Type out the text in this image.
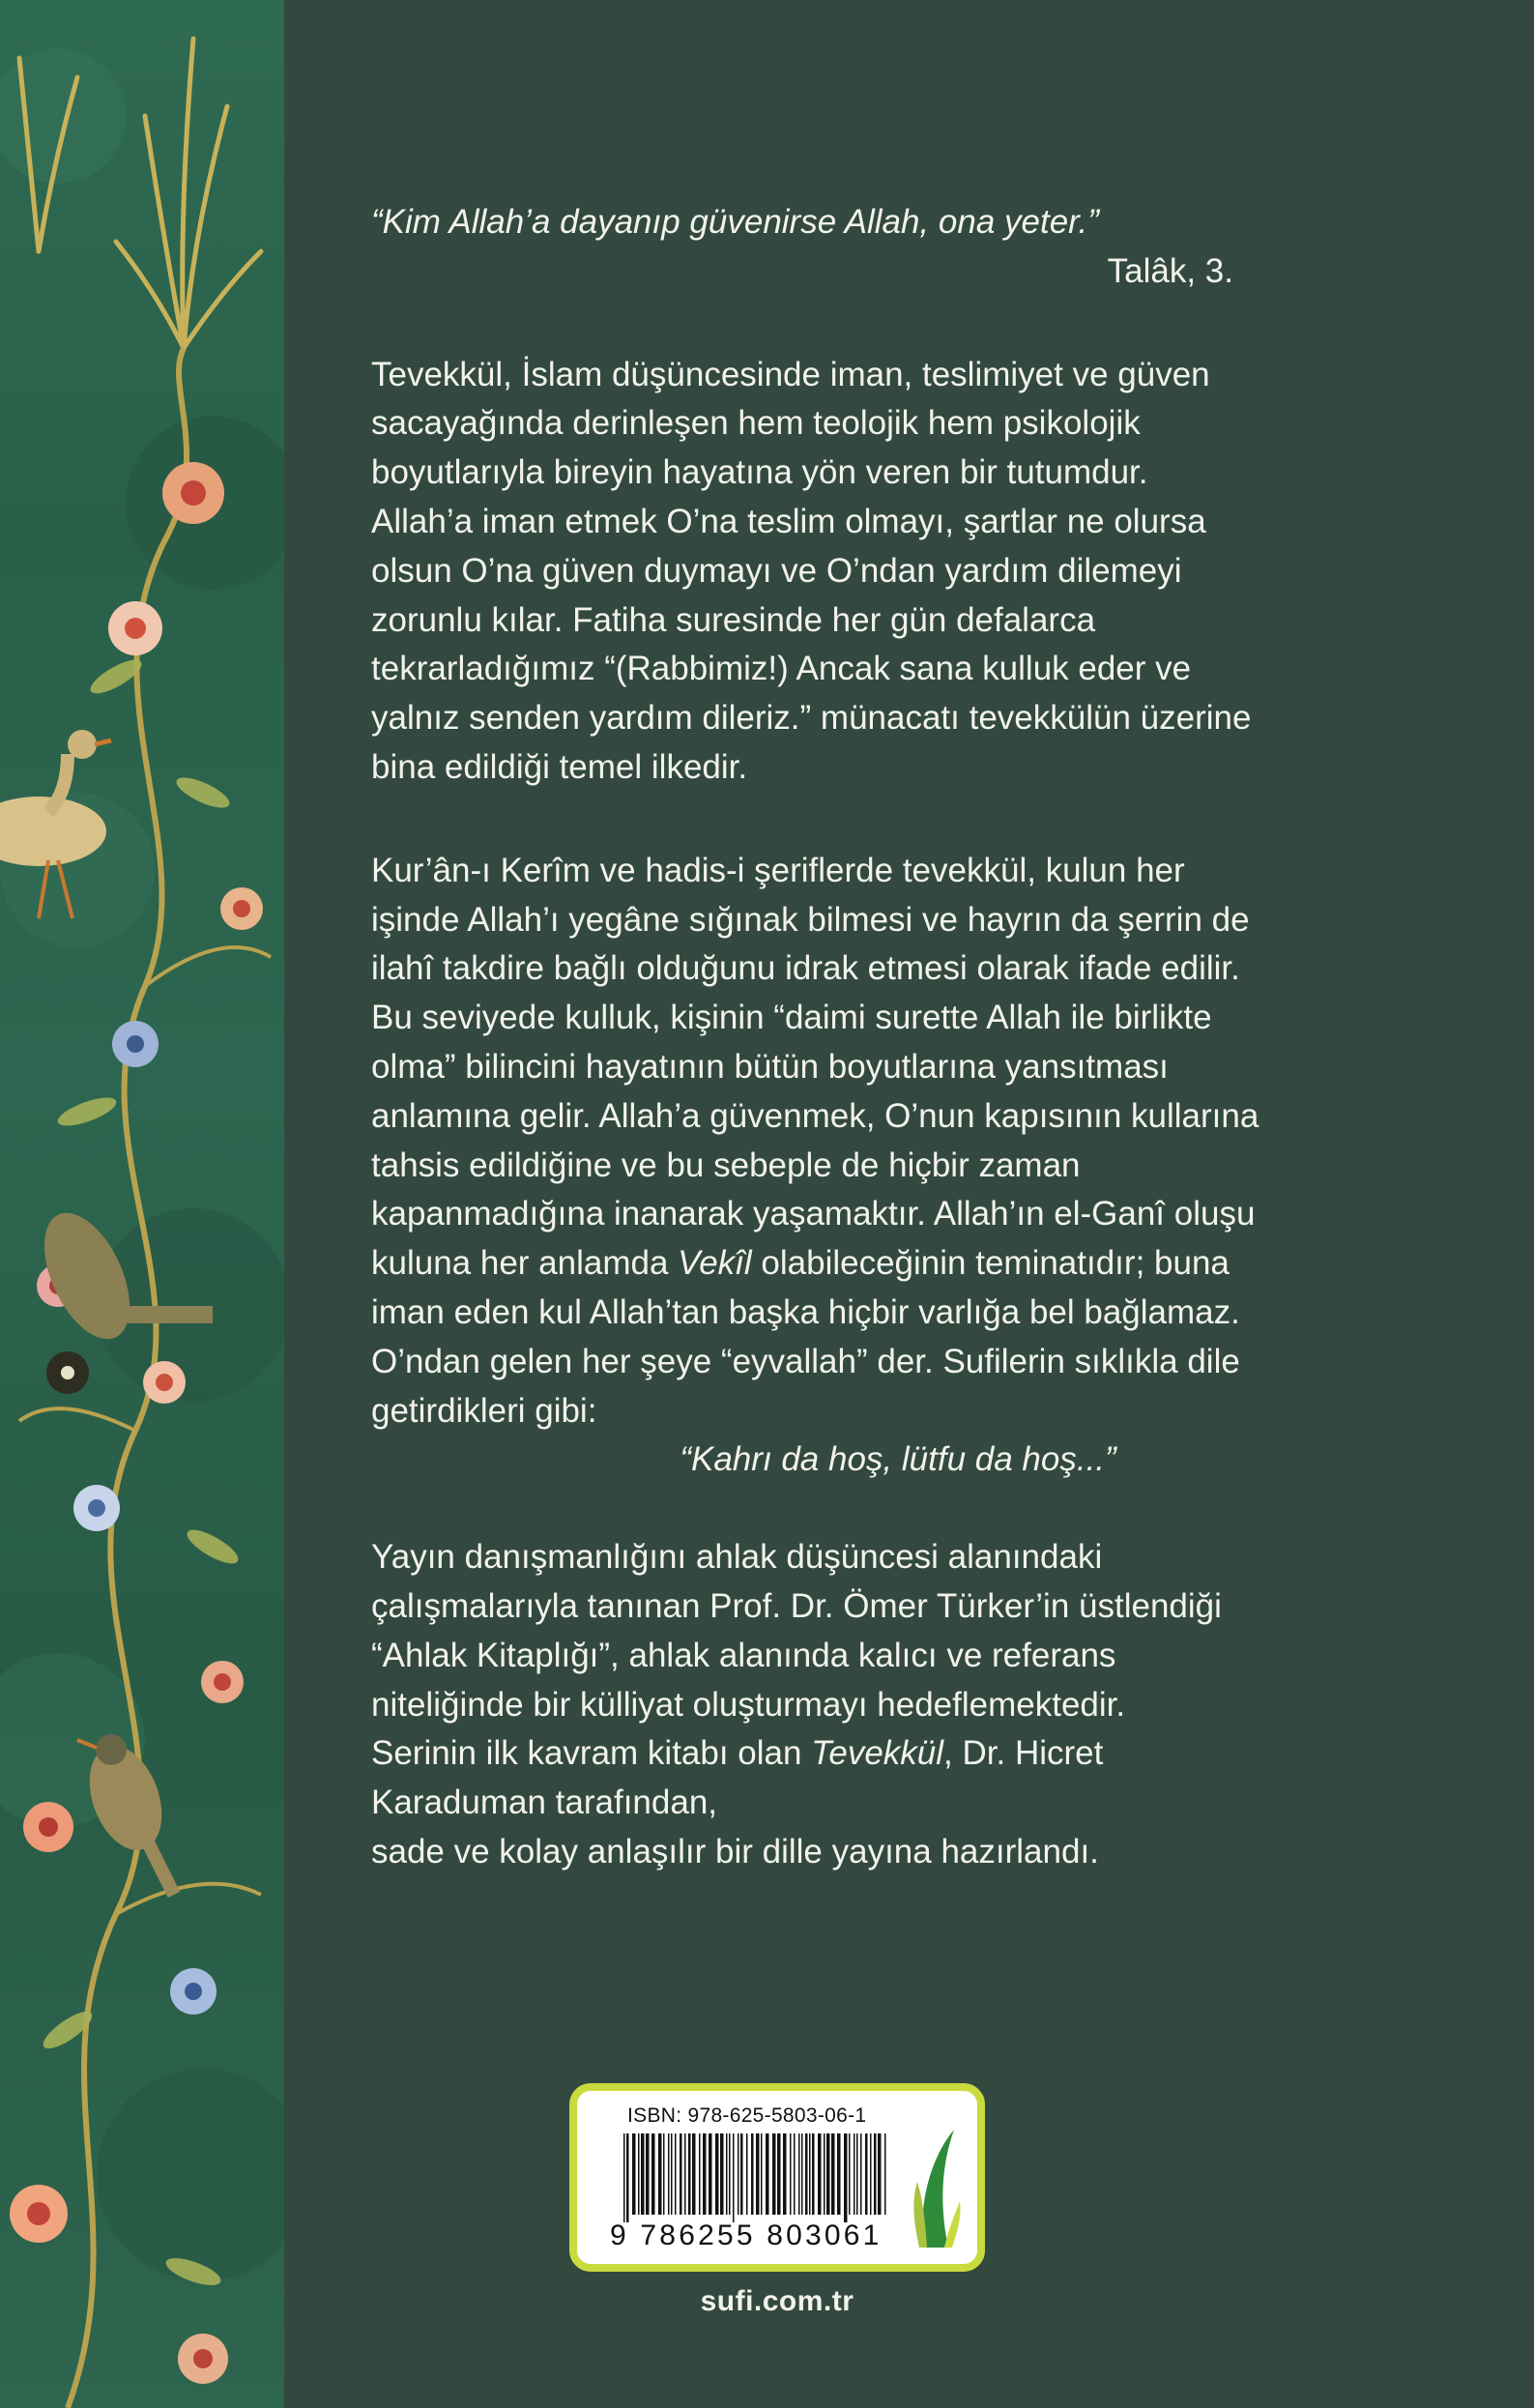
“Kim Allah’a dayanıp güvenirse Allah, ona yeter.”

Talâk, 3.

Tevekkül, İslam düşüncesinde iman, teslimiyet ve güven

sacayağında derinleşen hem teolojik hem psikolojik

boyutlarıyla bireyin hayatına yön veren bir tutumdur.

Allah’a iman etmek O’na teslim olmayı, şartlar ne olursa

olsun O’na güven duymayı ve O’ndan yardım dilemeyi

zorunlu kılar. Fatiha suresinde her gün defalarca

tekrarladığımız “(Rabbimiz!) Ancak sana kulluk eder ve

yalnız senden yardım dileriz.” münacatı tevekkülün üzerine

bina edildiği temel ilkedir.

Kur’ân-ı Kerîm ve hadis-i şeriflerde tevekkül, kulun her

işinde Allah’ı yegâne sığınak bilmesi ve hayrın da şerrin de

ilahî takdire bağlı olduğunu idrak etmesi olarak ifade edilir.

Bu seviyede kulluk, kişinin “daimi surette Allah ile birlikte

olma” bilincini hayatının bütün boyutlarına yansıtması

anlamına gelir. Allah’a güvenmek, O’nun kapısının kullarına

tahsis edildiğine ve bu sebeple de hiçbir zaman

kapanmadığına inanarak yaşamaktır. Allah’ın el-Ganî oluşu

kuluna her anlamda Vekîl olabileceğinin teminatıdır; buna

iman eden kul Allah’tan başka hiçbir varlığa bel bağlamaz.

O’ndan gelen her şeye “eyvallah” der. Sufilerin sıklıkla dile

getirdikleri gibi:

“Kahrı da hoş, lütfu da hoş...”

Yayın danışmanlığını ahlak düşüncesi alanındaki

çalışmalarıyla tanınan Prof. Dr. Ömer Türker’in üstlendiği

“Ahlak Kitaplığı”, ahlak alanında kalıcı ve referans

niteliğinde bir külliyat oluşturmayı hedeflemektedir.

Serinin ilk kavram kitabı olan Tevekkül, Dr. Hicret

Karaduman tarafından,

sade ve kolay anlaşılır bir dille yayına hazırlandı.

ISBN: 978-625-5803-06-1
9 786255 803061
sufi.com.tr
